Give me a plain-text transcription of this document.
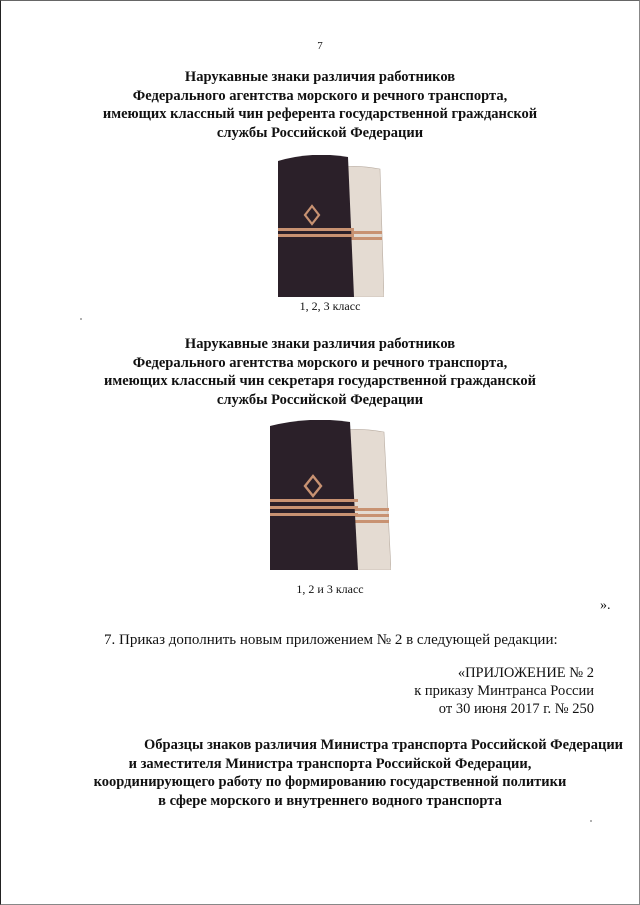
7
Нарукавные знаки различия работников
Федерального агентства морского и речного транспорта,
имеющих классный чин референта государственной гражданской
службы Российской Федерации
1, 2, 3 класс
Нарукавные знаки различия работников
Федерального агентства морского и речного транспорта,
имеющих классный чин секретаря государственной гражданской
службы Российской Федерации
1, 2 и 3 класс
».
7. Приказ дополнить новым приложением № 2 в следующей редакции:
«ПРИЛОЖЕНИЕ № 2
к приказу Минтранса России
от 30 июня 2017 г. № 250
Образцы знаков различия Министра транспорта Российской Федерации
и заместителя Министра транспорта Российской Федерации,
координирующего работу по формированию государственной политики
в сфере морского и внутреннего водного транспорта
